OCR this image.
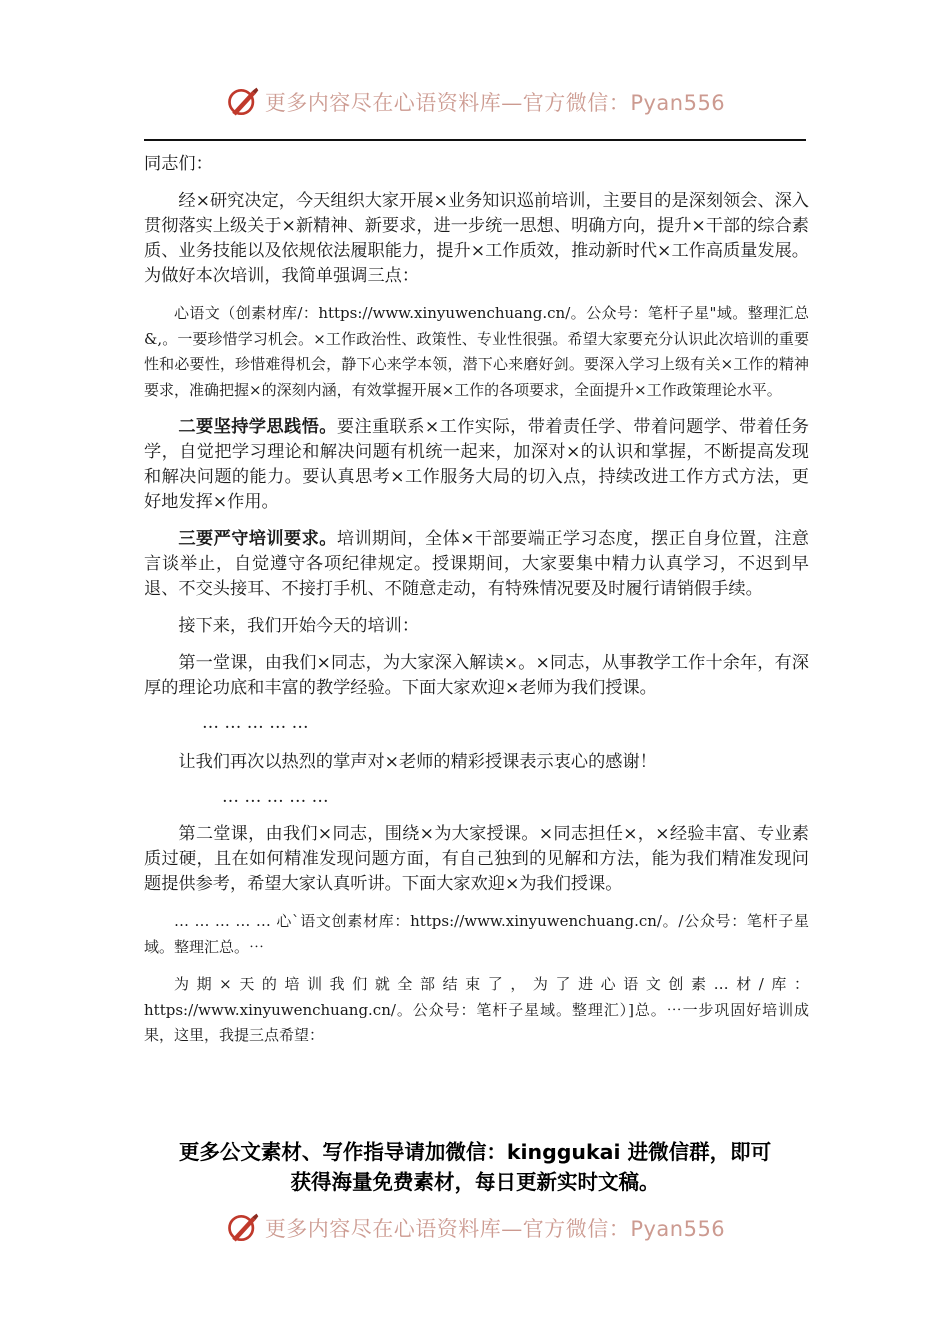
更多内容尽在心语资料库—官方微信：Pyan556

同志们：

经×研究决定，今天组织大家开展×业务知识巡前培训，主要目的是深刻领会、深入贯彻落实上级关于×新精神、新要求，进一步统一思想、明确方向，提升×干部的综合素质、业务技能以及依规依法履职能力，提升×工作质效，推动新时代×工作高质量发展。为做好本次培训，我简单强调三点：

心语文（创素材库/：https://www.xinyuwenchuang.cn/。公众号：笔杆子星"域。整理汇总&,。一要珍惜学习机会。×工作政治性、政策性、专业性很强。希望大家要充分认识此次培训的重要性和必要性，珍惜难得机会，静下心来学本领，潜下心来磨好剑。要深入学习上级有关×工作的精神要求，准确把握×的深刻内涵，有效掌握开展×工作的各项要求，全面提升×工作政策理论水平。

二要坚持学思践悟。要注重联系×工作实际，带着责任学、带着问题学、带着任务学，自觉把学习理论和解决问题有机统一起来，加深对×的认识和掌握，不断提高发现和解决问题的能力。要认真思考×工作服务大局的切入点，持续改进工作方式方法，更好地发挥×作用。

三要严守培训要求。培训期间，全体×干部要端正学习态度，摆正自身位置，注意言谈举止，自觉遵守各项纪律规定。授课期间，大家要集中精力认真学习，不迟到早退、不交头接耳、不接打手机、不随意走动，有特殊情况要及时履行请销假手续。

接下来，我们开始今天的培训：

第一堂课，由我们×同志，为大家深入解读×。×同志，从事教学工作十余年，有深厚的理论功底和丰富的教学经验。下面大家欢迎×老师为我们授课。

… … … … …

让我们再次以热烈的掌声对×老师的精彩授课表示衷心的感谢！

… … … … …

第二堂课，由我们×同志，围绕×为大家授课。×同志担任×，×经验丰富、专业素质过硬，且在如何精准发现问题方面，有自己独到的见解和方法，能为我们精准发现问题提供参考，希望大家认真听讲。下面大家欢迎×为我们授课。

… … … … … 心`语文创素材库：https://www.xinyuwenchuang.cn/。/公众号：笔杆子星域。整理汇总。⋯

为期×天的培训我们就全部结束了，为了进心语文创素…材/库：https://www.xinyuwenchuang.cn/。公众号：笔杆子星域。整理汇）]总。⋯一步巩固好培训成果，这里，我提三点希望：

更多公文素材、写作指导请加微信：kinggukai 进微信群，即可
获得海量免费素材，每日更新实时文稿。
更多内容尽在心语资料库—官方微信：Pyan556
